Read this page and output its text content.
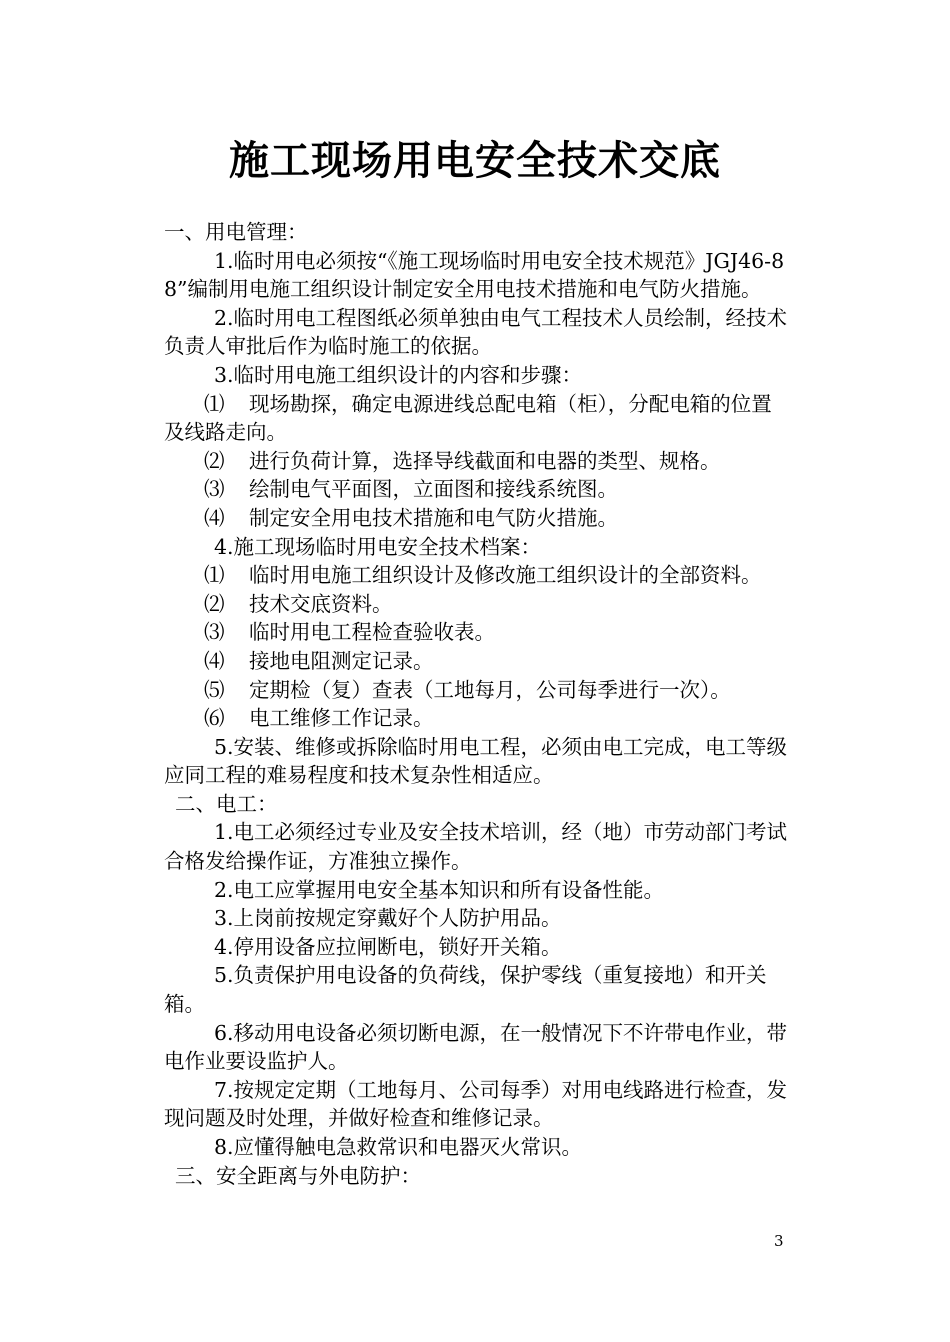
施工现场用电安全技术交底

一、用电管理：

1.临时用电必须按“《施工现场临时用电安全技术规范》JGJ46-88”编制用电施工组织设计制定安全用电技术措施和电气防火措施。

2.临时用电工程图纸必须单独由电气工程技术人员绘制，经技术负责人审批后作为临时施工的依据。

3.临时用电施工组织设计的内容和步骤：

⑴ 现场勘探，确定电源进线总配电箱（柜），分配电箱的位置及线路走向。

⑵ 进行负荷计算，选择导线截面和电器的类型、规格。

⑶ 绘制电气平面图，立面图和接线系统图。

⑷ 制定安全用电技术措施和电气防火措施。

4.施工现场临时用电安全技术档案：

⑴ 临时用电施工组织设计及修改施工组织设计的全部资料。

⑵ 技术交底资料。

⑶ 临时用电工程检查验收表。

⑷ 接地电阻测定记录。

⑸ 定期检（复）查表（工地每月，公司每季进行一次）。

⑹ 电工维修工作记录。

5.安装、维修或拆除临时用电工程，必须由电工完成，电工等级应同工程的难易程度和技术复杂性相适应。

二、电工：

1.电工必须经过专业及安全技术培训，经（地）市劳动部门考试合格发给操作证，方准独立操作。

2.电工应掌握用电安全基本知识和所有设备性能。

3.上岗前按规定穿戴好个人防护用品。

4.停用设备应拉闸断电，锁好开关箱。

5.负责保护用电设备的负荷线，保护零线（重复接地）和开关箱。

6.移动用电设备必须切断电源，在一般情况下不许带电作业，带电作业要设监护人。

7.按规定定期（工地每月、公司每季）对用电线路进行检查，发现问题及时处理，并做好检查和维修记录。

8.应懂得触电急救常识和电器灭火常识。

三、安全距离与外电防护：

3
